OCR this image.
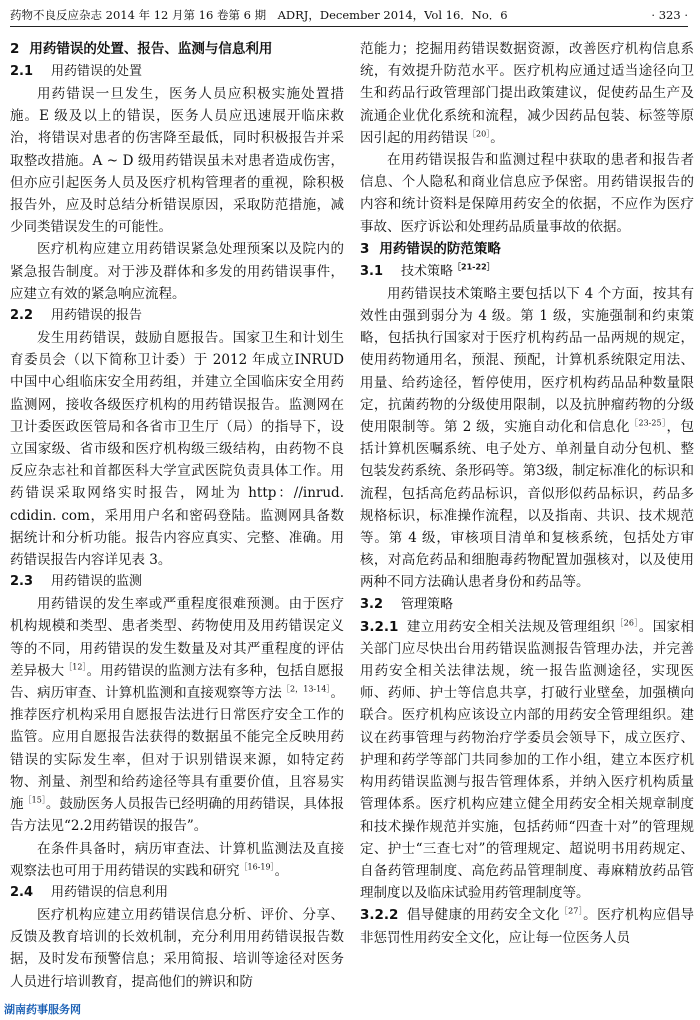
药物不良反应杂志 2014 年 12 月第 16 卷第 6 期　ADRJ，December 2014，Vol 16．No．6	· 323 ·
2 用药错误的处置、报告、监测与信息利用
2.1 用药错误的处置

用药错误一旦发生，医务人员应积极实施处置措施。E 级及以上的错误，医务人员应迅速展开临床救治，将错误对患者的伤害降至最低，同时积极报告并采取整改措施。A ~ D 级用药错误虽未对患者造成伤害，但亦应引起医务人员及医疗机构管理者的重视，除积极报告外，应及时总结分析错误原因，采取防范措施，减少同类错误发生的可能性。

医疗机构应建立用药错误紧急处理预案以及院内的紧急报告制度。对于涉及群体和多发的用药错误事件，应建立有效的紧急响应流程。

2.2 用药错误的报告

发生用药错误，鼓励自愿报告。国家卫生和计划生育委员会（以下简称卫计委）于 2012 年成立INRUD 中国中心组临床安全用药组，并建立全国临床安全用药监测网，接收各级医疗机构的用药错误报告。监测网在卫计委医政医管局和各省市卫生厅（局）的指导下，设立国家级、省市级和医疗机构级三级结构，由药物不良反应杂志社和首都医科大学宣武医院负责具体工作。用药错误采取网络实时报告，网址为 http：//inrud. cdidin. com，采用用户名和密码登陆。监测网具备数据统计和分析功能。报告内容应真实、完整、准确。用药错误报告内容详见表 3。

2.3 用药错误的监测

用药错误的发生率或严重程度很难预测。由于医疗机构规模和类型、患者类型、药物使用及用药错误定义等的不同，用药错误的发生数量及对其严重程度的评估差异极大$^{[12]}$。用药错误的监测方法有多种，包括自愿报告、病历审查、计算机监测和直接观察等方法$^{[2,13-14]}$。推荐医疗机构采用自愿报告法进行日常医疗安全工作的监管。应用自愿报告法获得的数据虽不能完全反映用药错误的实际发生率，但对于识别错误来源，如特定药物、剂量、剂型和给药途径等具有重要价值，且容易实施$^{[15]}$。鼓励医务人员报告已经明确的用药错误，具体报告方法见“2.2用药错误的报告”。

在条件具备时，病历审查法、计算机监测法及直接观察法也可用于用药错误的实践和研究$^{[16-19]}$。

2.4 用药错误的信息利用

医疗机构应建立用药错误信息分析、评价、分享、反馈及教育培训的长效机制，充分利用用药错误报告数据，及时发布预警信息；采用简报、培训等途径对医务人员进行培训教育，提高他们的辨识和防

范能力；挖掘用药错误数据资源，改善医疗机构信息系统，有效提升防范水平。医疗机构应通过适当途径向卫生和药品行政管理部门提出政策建议，促使药品生产及流通企业优化系统和流程，减少因药品包装、标签等原因引起的用药错误$^{[20]}$。

在用药错误报告和监测过程中获取的患者和报告者信息、个人隐私和商业信息应予保密。用药错误报告的内容和统计资料是保障用药安全的依据，不应作为医疗事故、医疗诉讼和处理药品质量事故的依据。

3 用药错误的防范策略
3.1 技术策略$^{[21-22]}$

用药错误技术策略主要包括以下 4 个方面，按其有效性由强到弱分为 4 级。第 1 级，实施强制和约束策略，包括执行国家对于医疗机构药品一品两规的规定，使用药物通用名，预混、预配，计算机系统限定用法、用量、给药途径，暂停使用，医疗机构药品品种数量限定，抗菌药物的分级使用限制，以及抗肿瘤药物的分级使用限制等。第 2 级，实施自动化和信息化$^{[23-25]}$，包括计算机医嘱系统、电子处方、单剂量自动分包机、整包装发药系统、条形码等。第3级，制定标准化的标识和流程，包括高危药品标识，音似形似药品标识，药品多规格标识，标准操作流程，以及指南、共识、技术规范等。第 4 级，审核项目清单和复核系统，包括处方审核，对高危药品和细胞毒药物配置加强核对，以及使用两种不同方法确认患者身份和药品等。

3.2 管理策略

3.2.1 建立用药安全相关法规及管理组织$^{[26]}$。国家相关部门应尽快出台用药错误监测报告管理办法，并完善用药安全相关法律法规，统一报告监测途径，实现医师、药师、护士等信息共享，打破行业壁垒，加强横向联合。医疗机构应该设立内部的用药安全管理组织。建议在药事管理与药物治疗学委员会领导下，成立医疗、护理和药学等部门共同参加的工作小组，建立本医疗机构用药错误监测与报告管理体系，并纳入医疗机构质量管理体系。医疗机构应建立健全用药安全相关规章制度和技术操作规范并实施，包括药师“四查十对”的管理规定、护士“三查七对”的管理规定、超说明书用药规定、自备药管理制度、高危药品管理制度、毒麻精放药品管理制度以及临床试验用药管理制度等。

3.2.2 倡导健康的用药安全文化$^{[27]}$。医疗机构应倡导非惩罚性用药安全文化，应让每一位医务人员

湖南药事服务网
